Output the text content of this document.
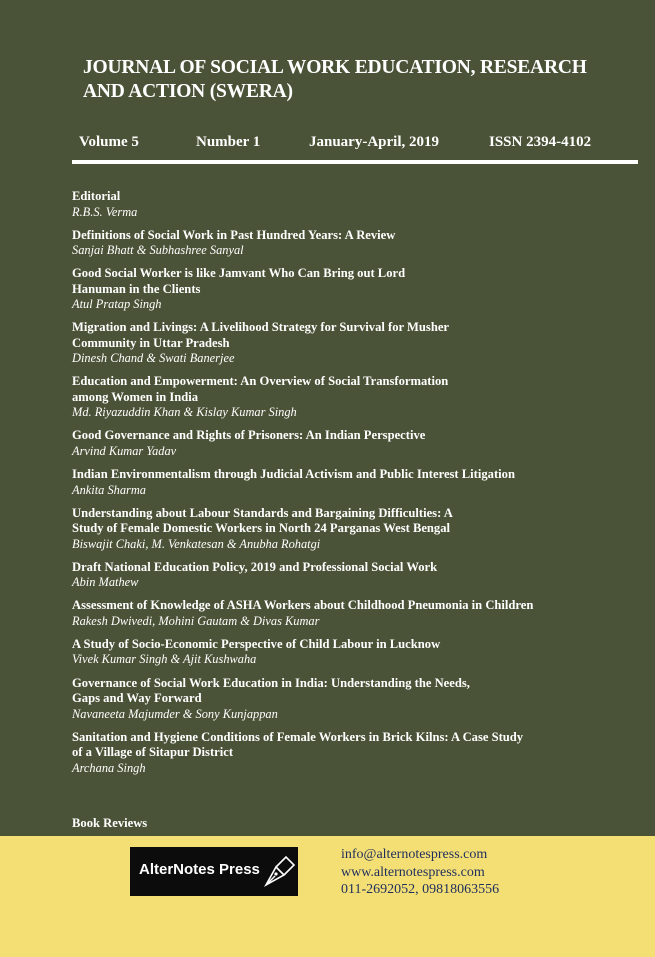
JOURNAL OF SOCIAL WORK EDUCATION, RESEARCH
AND ACTION (SWERA)
Volume 5	Number 1	January-April, 2019	ISSN 2394-4102
Editorial
R.B.S. Verma
Definitions of Social Work in Past Hundred Years: A Review
Sanjai Bhatt & Subhashree Sanyal
Good Social Worker is like Jamvant Who Can Bring out Lord
Hanuman in the Clients
Atul Pratap Singh
Migration and Livings: A Livelihood Strategy for Survival for Musher
Community in Uttar Pradesh
Dinesh Chand & Swati Banerjee
Education and Empowerment: An Overview of Social Transformation
among Women in India
Md. Riyazuddin Khan & Kislay Kumar Singh
Good Governance and Rights of Prisoners: An Indian Perspective
Arvind Kumar Yadav
Indian Environmentalism through Judicial Activism and Public Interest Litigation
Ankita Sharma
Understanding about Labour Standards and Bargaining Difficulties: A
Study of Female Domestic Workers in North 24 Parganas West Bengal
Biswajit Chaki, M. Venkatesan & Anubha Rohatgi
Draft National Education Policy, 2019 and Professional Social Work
Abin Mathew
Assessment of Knowledge of ASHA Workers about Childhood Pneumonia in Children
Rakesh Dwivedi, Mohini Gautam & Divas Kumar
A Study of Socio-Economic Perspective of Child Labour in Lucknow
Vivek Kumar Singh & Ajit Kushwaha
Governance of Social Work Education in India: Understanding the Needs,
Gaps and Way Forward
Navaneeta Majumder & Sony Kunjappan
Sanitation and Hygiene Conditions of Female Workers in Brick Kilns: A Case Study
of a Village of Sitapur District
Archana Singh
Book Reviews
AlterNotes Press
info@alternotespress.com
www.alternotespress.com
011-2692052, 09818063556
